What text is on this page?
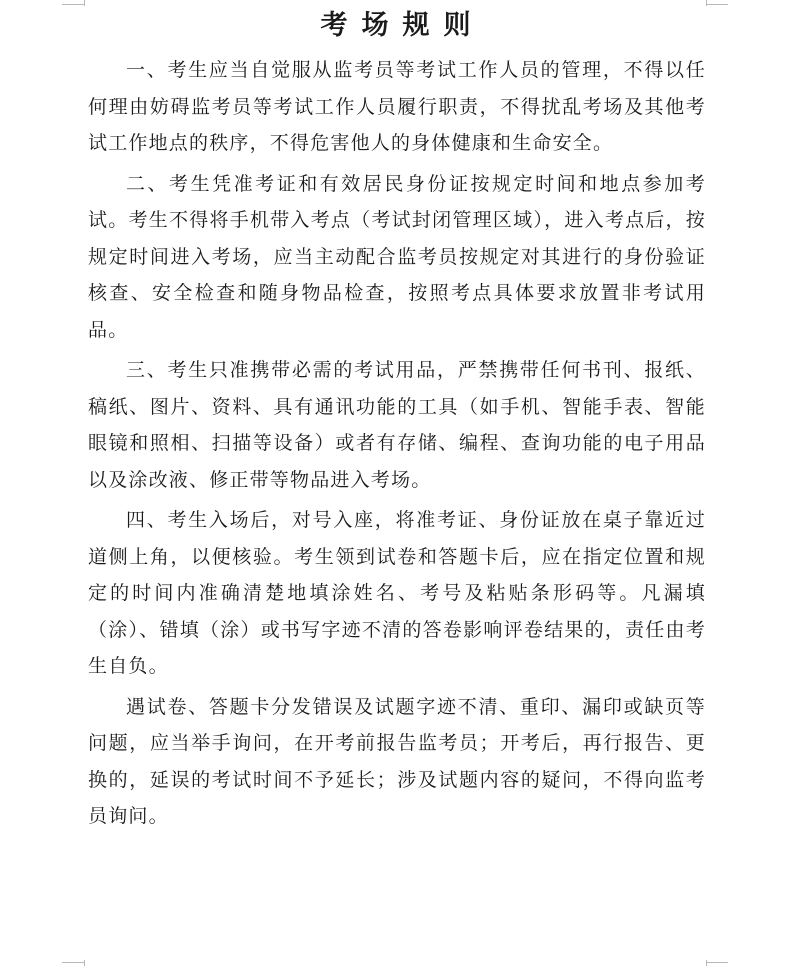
考场规则

一、考生应当自觉服从监考员等考试工作人员的管理，不得以任何理由妨碍监考员等考试工作人员履行职责，不得扰乱考场及其他考试工作地点的秩序，不得危害他人的身体健康和生命安全。

二、考生凭准考证和有效居民身份证按规定时间和地点参加考试。考生不得将手机带入考点（考试封闭管理区域），进入考点后，按规定时间进入考场，应当主动配合监考员按规定对其进行的身份验证核查、安全检查和随身物品检查，按照考点具体要求放置非考试用品。

三、考生只准携带必需的考试用品，严禁携带任何书刊、报纸、稿纸、图片、资料、具有通讯功能的工具（如手机、智能手表、智能眼镜和照相、扫描等设备）或者有存储、编程、查询功能的电子用品以及涂改液、修正带等物品进入考场。

四、考生入场后，对号入座，将准考证、身份证放在桌子靠近过道侧上角，以便核验。考生领到试卷和答题卡后，应在指定位置和规定的时间内准确清楚地填涂姓名、考号及粘贴条形码等。凡漏填（涂）、错填（涂）或书写字迹不清的答卷影响评卷结果的，责任由考生自负。

遇试卷、答题卡分发错误及试题字迹不清、重印、漏印或缺页等问题，应当举手询问，在开考前报告监考员；开考后，再行报告、更换的，延误的考试时间不予延长；涉及试题内容的疑问，不得向监考员询问。
